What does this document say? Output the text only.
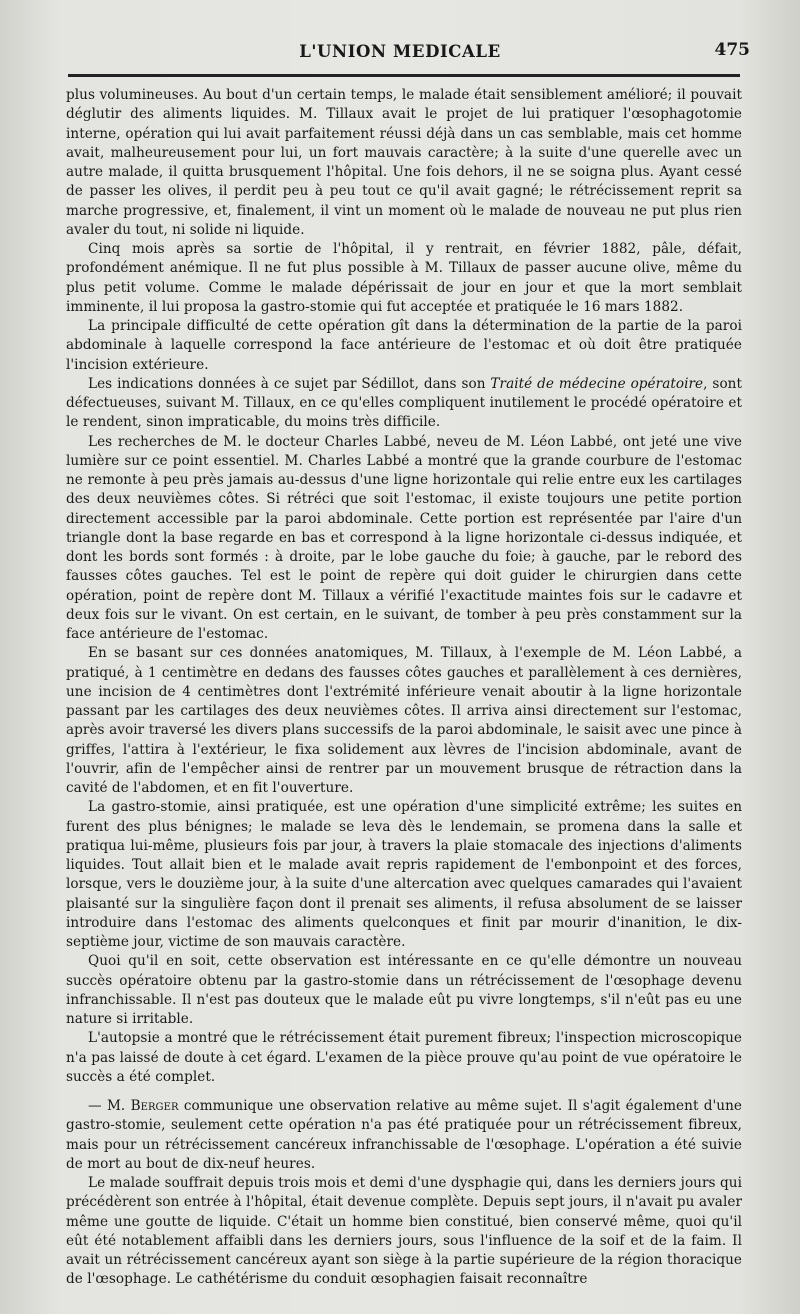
L'UNION MEDICALE	475

plus volumineuses. Au bout d'un certain temps, le malade était sensiblement amélioré; il pouvait déglutir des aliments liquides. M. Tillaux avait le projet de lui pratiquer l'œsophagotomie interne, opération qui lui avait parfaitement réussi déjà dans un cas semblable, mais cet homme avait, malheureusement pour lui, un fort mauvais caractère; à la suite d'une querelle avec un autre malade, il quitta brusquement l'hôpital. Une fois dehors, il ne se soigna plus. Ayant cessé de passer les olives, il perdit peu à peu tout ce qu'il avait gagné; le rétrécissement reprit sa marche progressive, et, finalement, il vint un moment où le malade de nouveau ne put plus rien avaler du tout, ni solide ni liquide.

Cinq mois après sa sortie de l'hôpital, il y rentrait, en février 1882, pâle, défait, profondément anémique. Il ne fut plus possible à M. Tillaux de passer aucune olive, même du plus petit volume. Comme le malade dépérissait de jour en jour et que la mort semblait imminente, il lui proposa la gastro-stomie qui fut acceptée et pratiquée le 16 mars 1882.

La principale difficulté de cette opération gît dans la détermination de la partie de la paroi abdominale à laquelle correspond la face antérieure de l'estomac et où doit être pratiquée l'incision extérieure.

Les indications données à ce sujet par Sédillot, dans son Traité de médecine opératoire, sont défectueuses, suivant M. Tillaux, en ce qu'elles compliquent inutilement le procédé opératoire et le rendent, sinon impraticable, du moins très difficile.

Les recherches de M. le docteur Charles Labbé, neveu de M. Léon Labbé, ont jeté une vive lumière sur ce point essentiel. M. Charles Labbé a montré que la grande courbure de l'estomac ne remonte à peu près jamais au-dessus d'une ligne horizontale qui relie entre eux les cartilages des deux neuvièmes côtes. Si rétréci que soit l'estomac, il existe toujours une petite portion directement accessible par la paroi abdominale. Cette portion est représentée par l'aire d'un triangle dont la base regarde en bas et correspond à la ligne horizontale ci-dessus indiquée, et dont les bords sont formés : à droite, par le lobe gauche du foie; à gauche, par le rebord des fausses côtes gauches. Tel est le point de repère qui doit guider le chirurgien dans cette opération, point de repère dont M. Tillaux a vérifié l'exactitude maintes fois sur le cadavre et deux fois sur le vivant. On est certain, en le suivant, de tomber à peu près constamment sur la face antérieure de l'estomac.

En se basant sur ces données anatomiques, M. Tillaux, à l'exemple de M. Léon Labbé, a pratiqué, à 1 centimètre en dedans des fausses côtes gauches et parallèlement à ces dernières, une incision de 4 centimètres dont l'extrémité inférieure venait aboutir à la ligne horizontale passant par les cartilages des deux neuvièmes côtes. Il arriva ainsi directement sur l'estomac, après avoir traversé les divers plans successifs de la paroi abdominale, le saisit avec une pince à griffes, l'attira à l'extérieur, le fixa solidement aux lèvres de l'incision abdominale, avant de l'ouvrir, afin de l'empêcher ainsi de rentrer par un mouvement brusque de rétraction dans la cavité de l'abdomen, et en fit l'ouverture.

La gastro-stomie, ainsi pratiquée, est une opération d'une simplicité extrême; les suites en furent des plus bénignes; le malade se leva dès le lendemain, se promena dans la salle et pratiqua lui-même, plusieurs fois par jour, à travers la plaie stomacale des injections d'aliments liquides. Tout allait bien et le malade avait repris rapidement de l'embonpoint et des forces, lorsque, vers le douzième jour, à la suite d'une altercation avec quelques camarades qui l'avaient plaisanté sur la singulière façon dont il prenait ses aliments, il refusa absolument de se laisser introduire dans l'estomac des aliments quelconques et finit par mourir d'inanition, le dix-septième jour, victime de son mauvais caractère.

Quoi qu'il en soit, cette observation est intéressante en ce qu'elle démontre un nouveau succès opératoire obtenu par la gastro-stomie dans un rétrécissement de l'œsophage devenu infranchissable. Il n'est pas douteux que le malade eût pu vivre longtemps, s'il n'eût pas eu une nature si irritable.

L'autopsie a montré que le rétrécissement était purement fibreux; l'inspection microscopique n'a pas laissé de doute à cet égard. L'examen de la pièce prouve qu'au point de vue opératoire le succès a été complet.

— M. Berger communique une observation relative au même sujet. Il s'agit également d'une gastro-stomie, seulement cette opération n'a pas été pratiquée pour un rétrécissement fibreux, mais pour un rétrécissement cancéreux infranchissable de l'œsophage. L'opération a été suivie de mort au bout de dix-neuf heures.

Le malade souffrait depuis trois mois et demi d'une dysphagie qui, dans les derniers jours qui précédèrent son entrée à l'hôpital, était devenue complète. Depuis sept jours, il n'avait pu avaler même une goutte de liquide. C'était un homme bien constitué, bien conservé même, quoi qu'il eût été notablement affaibli dans les derniers jours, sous l'influence de la soif et de la faim. Il avait un rétrécissement cancéreux ayant son siège à la partie supérieure de la région thoracique de l'œsophage. Le cathétérisme du conduit œsophagien faisait reconnaître
